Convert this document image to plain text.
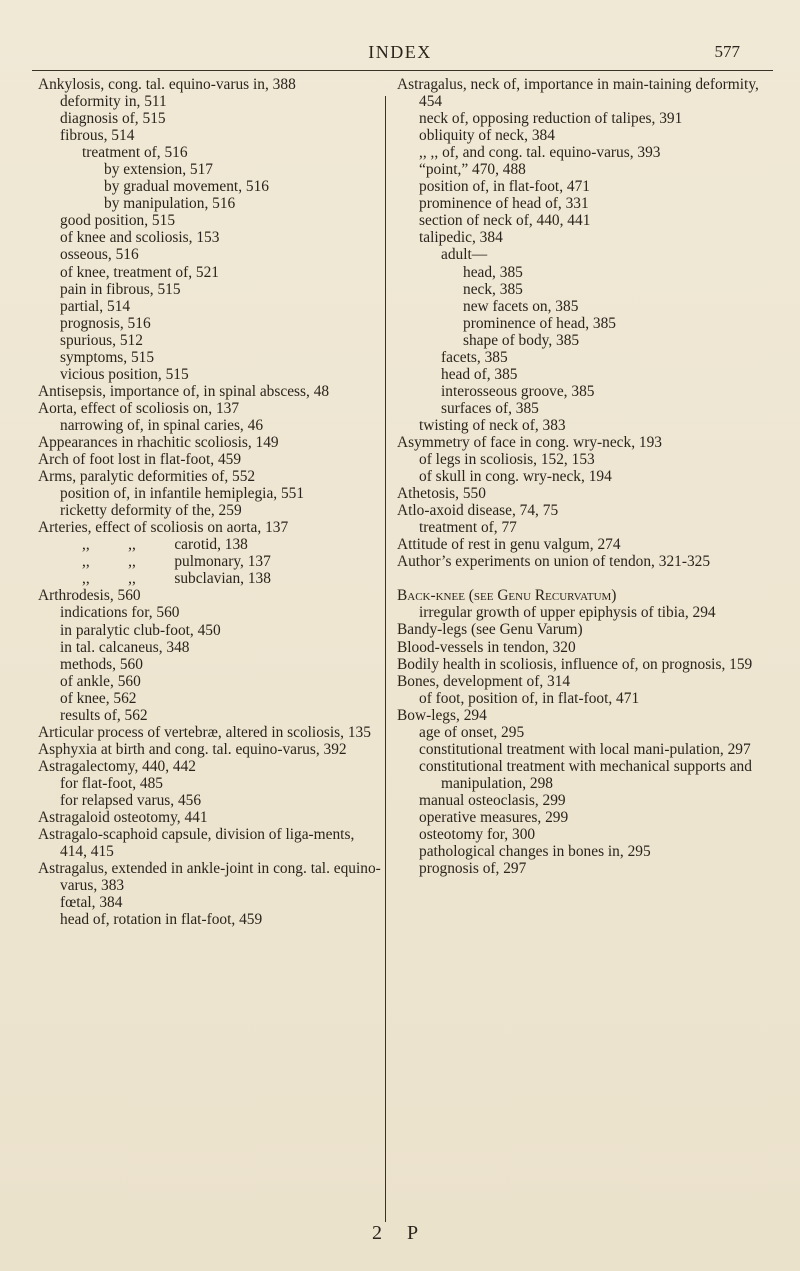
INDEX	577

Ankylosis, cong. tal. equino-varus in, 388

deformity in, 511

diagnosis of, 515

fibrous, 514

treatment of, 516

by extension, 517

by gradual movement, 516

by manipulation, 516

good position, 515

of knee and scoliosis, 153

osseous, 516

of knee, treatment of, 521

pain in fibrous, 515

partial, 514

prognosis, 516

spurious, 512

symptoms, 515

vicious position, 515

Antisepsis, importance of, in spinal abscess, 48

Aorta, effect of scoliosis on, 137

narrowing of, in spinal caries, 46

Appearances in rhachitic scoliosis, 149

Arch of foot lost in flat-foot, 459

Arms, paralytic deformities of, 552

position of, in infantile hemiplegia, 551

ricketty deformity of the, 259

Arteries, effect of scoliosis on aorta, 137

,,          ,,          carotid, 138

,,          ,,          pulmonary, 137

,,          ,,          subclavian, 138

Arthrodesis, 560

indications for, 560

in paralytic club-foot, 450

in tal. calcaneus, 348

methods, 560

of ankle, 560

of knee, 562

results of, 562

Articular process of vertebræ, altered in scoliosis, 135

Asphyxia at birth and cong. tal. equino-varus, 392

Astragalectomy, 440, 442

for flat-foot, 485

for relapsed varus, 456

Astragaloid osteotomy, 441

Astragalo-scaphoid capsule, division of liga-ments, 414, 415

Astragalus, extended in ankle-joint in cong. tal. equino-varus, 383

fœtal, 384

head of, rotation in flat-foot, 459

Astragalus, neck of, importance in main-taining deformity, 454

neck of, opposing reduction of talipes, 391

obliquity of neck, 384

,, ,, of, and cong. tal. equino-varus, 393

“point,” 470, 488

position of, in flat-foot, 471

prominence of head of, 331

section of neck of, 440, 441

talipedic, 384

adult—

head, 385

neck, 385

new facets on, 385

prominence of head, 385

shape of body, 385

facets, 385

head of, 385

interosseous groove, 385

surfaces of, 385

twisting of neck of, 383

Asymmetry of face in cong. wry-neck, 193

of legs in scoliosis, 152, 153

of skull in cong. wry-neck, 194

Athetosis, 550

Atlo-axoid disease, 74, 75

treatment of, 77

Attitude of rest in genu valgum, 274

Author’s experiments on union of tendon, 321-325

Back-knee (see Genu Recurvatum)

irregular growth of upper epiphysis of tibia, 294

Bandy-legs (see Genu Varum)

Blood-vessels in tendon, 320

Bodily health in scoliosis, influence of, on prognosis, 159

Bones, development of, 314

of foot, position of, in flat-foot, 471

Bow-legs, 294

age of onset, 295

constitutional treatment with local mani-pulation, 297

constitutional treatment with mechanical supports and manipulation, 298

manual osteoclasis, 299

operative measures, 299

osteotomy for, 300

pathological changes in bones in, 295

prognosis of, 297

2 P
